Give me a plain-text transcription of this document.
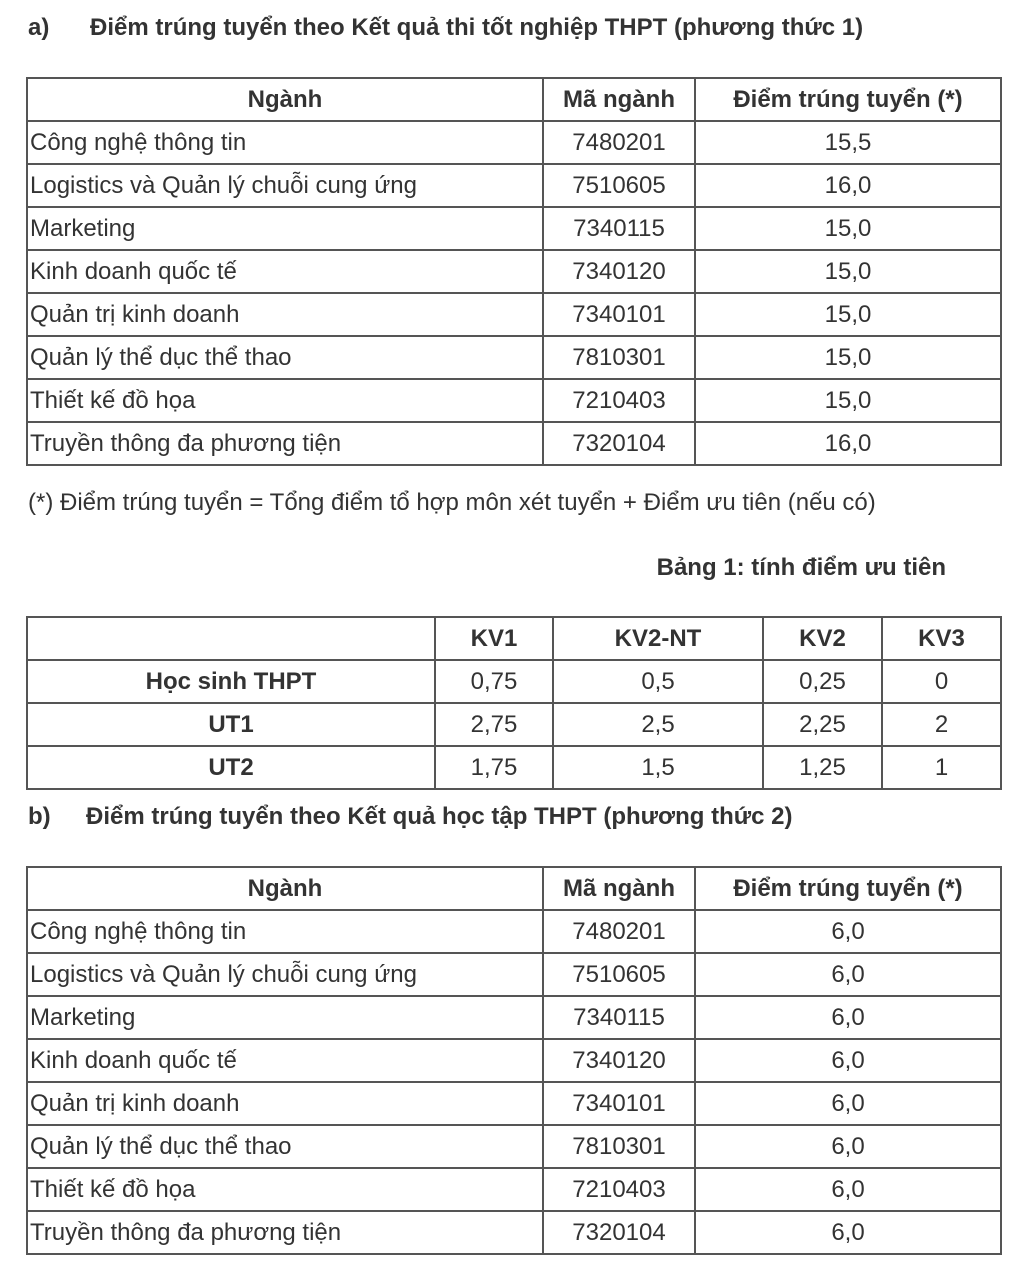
a) Điểm trúng tuyển theo Kết quả thi tốt nghiệp THPT (phương thức 1)

Ngành	Mã ngành	Điểm trúng tuyển (*)
Công nghệ thông tin	7480201	15,5
Logistics và Quản lý chuỗi cung ứng	7510605	16,0
Marketing	7340115	15,0
Kinh doanh quốc tế	7340120	15,0
Quản trị kinh doanh	7340101	15,0
Quản lý thể dục thể thao	7810301	15,0
Thiết kế đồ họa	7210403	15,0
Truyền thông đa phương tiện	7320104	16,0

(*) Điểm trúng tuyển = Tổng điểm tổ hợp môn xét tuyển + Điểm ưu tiên (nếu có)

Bảng 1: tính điểm ưu tiên

	KV1	KV2-NT	KV2	KV3
Học sinh THPT	0,75	0,5	0,25	0
UT1	2,75	2,5	2,25	2
UT2	1,75	1,5	1,25	1

b) Điểm trúng tuyển theo Kết quả học tập THPT (phương thức 2)

Ngành	Mã ngành	Điểm trúng tuyển (*)
Công nghệ thông tin	7480201	6,0
Logistics và Quản lý chuỗi cung ứng	7510605	6,0
Marketing	7340115	6,0
Kinh doanh quốc tế	7340120	6,0
Quản trị kinh doanh	7340101	6,0
Quản lý thể dục thể thao	7810301	6,0
Thiết kế đồ họa	7210403	6,0
Truyền thông đa phương tiện	7320104	6,0
